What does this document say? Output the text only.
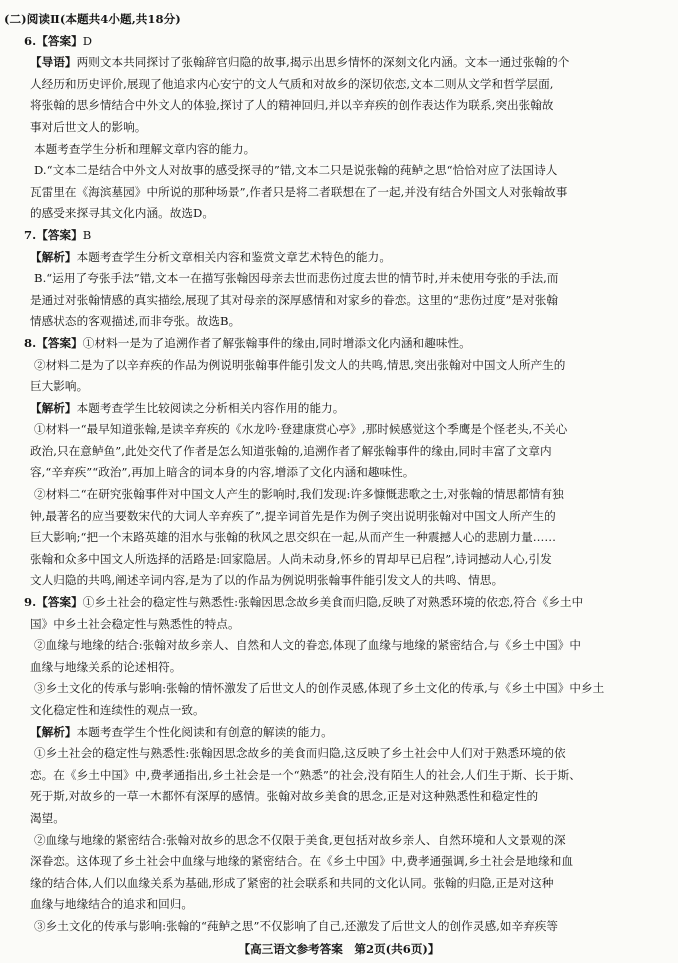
(二)阅读Ⅱ(本题共4小题,共18分)
6.【答案】D
【导语】两则文本共同探讨了张翰辞官归隐的故事,揭示出思乡情怀的深刻文化内涵。文本一通过张翰的个
人经历和历史评价,展现了他追求内心安宁的文人气质和对故乡的深切依恋,文本二则从文学和哲学层面,
将张翰的思乡情结合中外文人的体验,探讨了人的精神回归,并以辛弃疾的创作表达作为联系,突出张翰故
事对后世文人的影响。
本题考查学生分析和理解文章内容的能力。
D.“文本二是结合中外文人对故事的感受探寻的”错,文本二只是说张翰的莼鲈之思“恰恰对应了法国诗人
瓦雷里在《海滨墓园》中所说的那种场景”,作者只是将二者联想在了一起,并没有结合外国文人对张翰故事
的感受来探寻其文化内涵。故选D。
7.【答案】B
【解析】本题考查学生分析文章相关内容和鉴赏文章艺术特色的能力。
B.“运用了夸张手法”错,文本一在描写张翰因母亲去世而悲伤过度去世的情节时,并未使用夸张的手法,而
是通过对张翰情感的真实描绘,展现了其对母亲的深厚感情和对家乡的眷恋。这里的“悲伤过度”是对张翰
情感状态的客观描述,而非夸张。故选B。
8.【答案】①材料一是为了追溯作者了解张翰事件的缘由,同时增添文化内涵和趣味性。
②材料二是为了以辛弃疾的作品为例说明张翰事件能引发文人的共鸣,情思,突出张翰对中国文人所产生的
巨大影响。
【解析】本题考查学生比较阅读之分析相关内容作用的能力。
①材料一“最早知道张翰,是读辛弃疾的《水龙吟·登建康赏心亭》,那时候感觉这个季鹰是个怪老头,不关心
政治,只在意鲈鱼”,此处交代了作者是怎么知道张翰的,追溯作者了解张翰事件的缘由,同时丰富了文章内
容,“辛弃疾”“政治”,再加上暗含的词本身的内容,增添了文化内涵和趣味性。
②材料二“在研究张翰事件对中国文人产生的影响时,我们发现:许多慷慨悲歌之士,对张翰的情思都情有独
钟,最著名的应当要数宋代的大词人辛弃疾了”,提辛词首先是作为例子突出说明张翰对中国文人所产生的
巨大影响;“把一个末路英雄的泪水与张翰的秋风之思交织在一起,从而产生一种震撼人心的悲剧力量……
张翰和众多中国文人所选择的活路是:回家隐居。人尚未动身,怀乡的胃却早已启程”,诗词撼动人心,引发
文人归隐的共鸣,阐述辛词内容,是为了以的作品为例说明张翰事件能引发文人的共鸣、情思。
9.【答案】①乡土社会的稳定性与熟悉性:张翰因思念故乡美食而归隐,反映了对熟悉环境的依恋,符合《乡土中
国》中乡土社会稳定性与熟悉性的特点。
②血缘与地缘的结合:张翰对故乡亲人、自然和人文的眷恋,体现了血缘与地缘的紧密结合,与《乡土中国》中
血缘与地缘关系的论述相符。
③乡土文化的传承与影响:张翰的情怀激发了后世文人的创作灵感,体现了乡土文化的传承,与《乡土中国》中乡土
文化稳定性和连续性的观点一致。
【解析】本题考查学生个性化阅读和有创意的解读的能力。
①乡土社会的稳定性与熟悉性:张翰因思念故乡的美食而归隐,这反映了乡土社会中人们对于熟悉环境的依
恋。在《乡土中国》中,费孝通指出,乡土社会是一个“熟悉”的社会,没有陌生人的社会,人们生于斯、长于斯、
死于斯,对故乡的一草一木都怀有深厚的感情。张翰对故乡美食的思念,正是对这种熟悉性和稳定性的
渴望。
②血缘与地缘的紧密结合:张翰对故乡的思念不仅限于美食,更包括对故乡亲人、自然环境和人文景观的深
深眷恋。这体现了乡土社会中血缘与地缘的紧密结合。在《乡土中国》中,费孝通强调,乡土社会是地缘和血
缘的结合体,人们以血缘关系为基础,形成了紧密的社会联系和共同的文化认同。张翰的归隐,正是对这种
血缘与地缘结合的追求和回归。
③乡土文化的传承与影响:张翰的“莼鲈之思”不仅影响了自己,还激发了后世文人的创作灵感,如辛弃疾等
【高三语文参考答案　第2页(共6页)】
